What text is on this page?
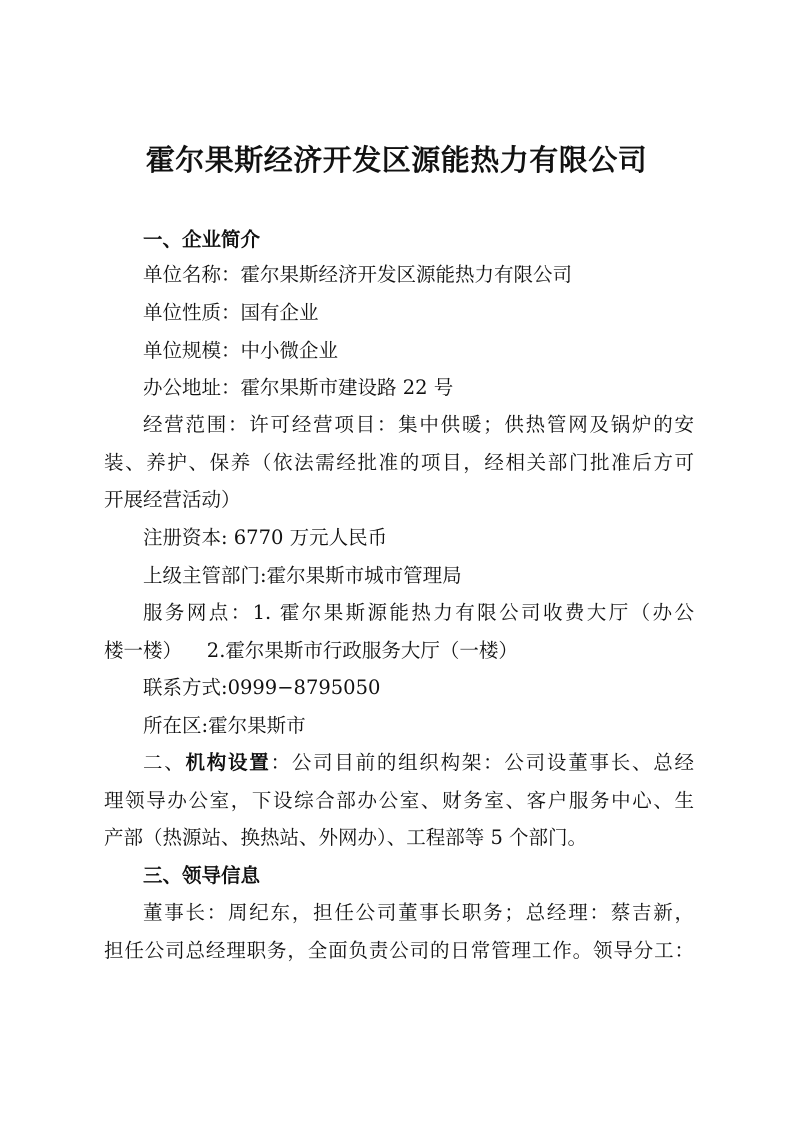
霍尔果斯经济开发区源能热力有限公司
一、企业简介
单位名称：霍尔果斯经济开发区源能热力有限公司
单位性质：国有企业
单位规模：中小微企业
办公地址：霍尔果斯市建设路 22 号
经营范围：许可经营项目：集中供暖；供热管网及锅炉的安
装、养护、保养（依法需经批准的项目，经相关部门批准后方可
开展经营活动）
注册资本: 6770 万元人民币
上级主管部门:霍尔果斯市城市管理局
服务网点：1. 霍尔果斯源能热力有限公司收费大厅（办公
楼一楼）    2.霍尔果斯市行政服务大厅（一楼）
联系方式:0999−8795050
所在区:霍尔果斯市
二、机构设置：公司目前的组织构架：公司设董事长、总经
理领导办公室，下设综合部办公室、财务室、客户服务中心、生
产部（热源站、换热站、外网办）、工程部等 5 个部门。
三、领导信息
董事长：周纪东，担任公司董事长职务；总经理：蔡吉新，
担任公司总经理职务，全面负责公司的日常管理工作。领导分工：
